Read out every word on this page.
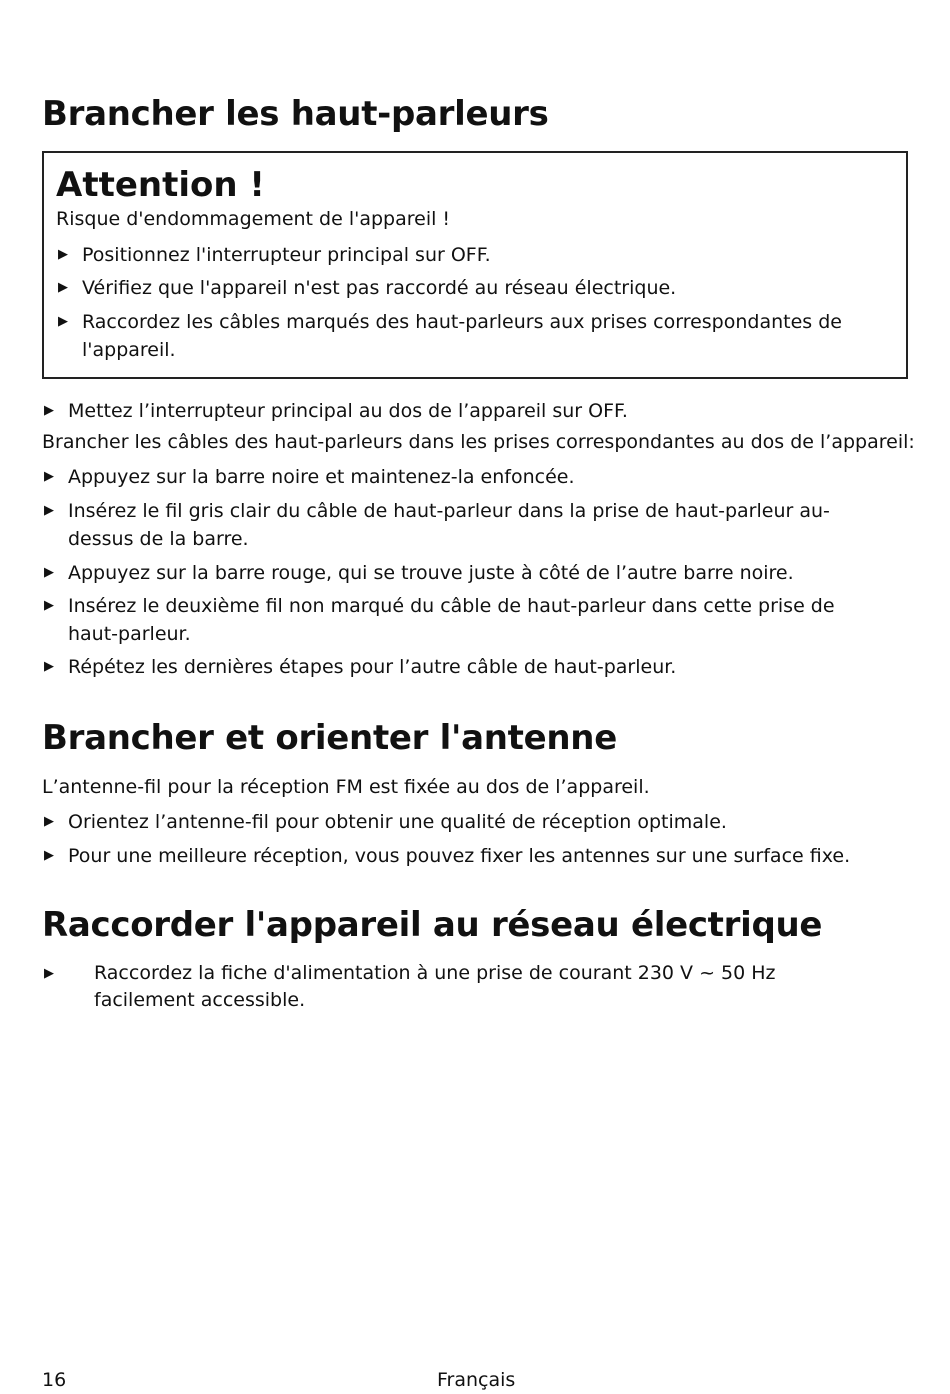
Brancher les haut-parleurs
Attention !
Risque d'endommagement de l'appareil !
▶ Positionnez l'interrupteur principal sur OFF.
▶ Vérifiez que l'appareil n'est pas raccordé au réseau électrique.
▶ Raccordez les câbles marqués des haut-parleurs aux prises correspondantes de l'appareil.
▶ Mettez l’interrupteur principal au dos de l’appareil sur OFF.
Brancher les câbles des haut-parleurs dans les prises correspondantes au dos de l’appareil:
▶ Appuyez sur la barre noire et maintenez-la enfoncée.
▶ Insérez le fil gris clair du câble de haut-parleur dans la prise de haut-parleur au-dessus de la barre.
▶ Appuyez sur la barre rouge, qui se trouve juste à côté de l’autre barre noire.
▶ Insérez le deuxième fil non marqué du câble de haut-parleur dans cette prise de haut-parleur.
▶ Répétez les dernières étapes pour l’autre câble de haut-parleur.
Brancher et orienter l'antenne
L’antenne-fil pour la réception FM est fixée au dos de l’appareil.
▶ Orientez l’antenne-fil pour obtenir une qualité de réception optimale.
▶ Pour une meilleure réception, vous pouvez fixer les antennes sur une surface fixe.
Raccorder l'appareil au réseau électrique
▶	Raccordez la fiche d'alimentation à une prise de courant 230 V ~ 50 Hz facilement accessible.
16	Français
